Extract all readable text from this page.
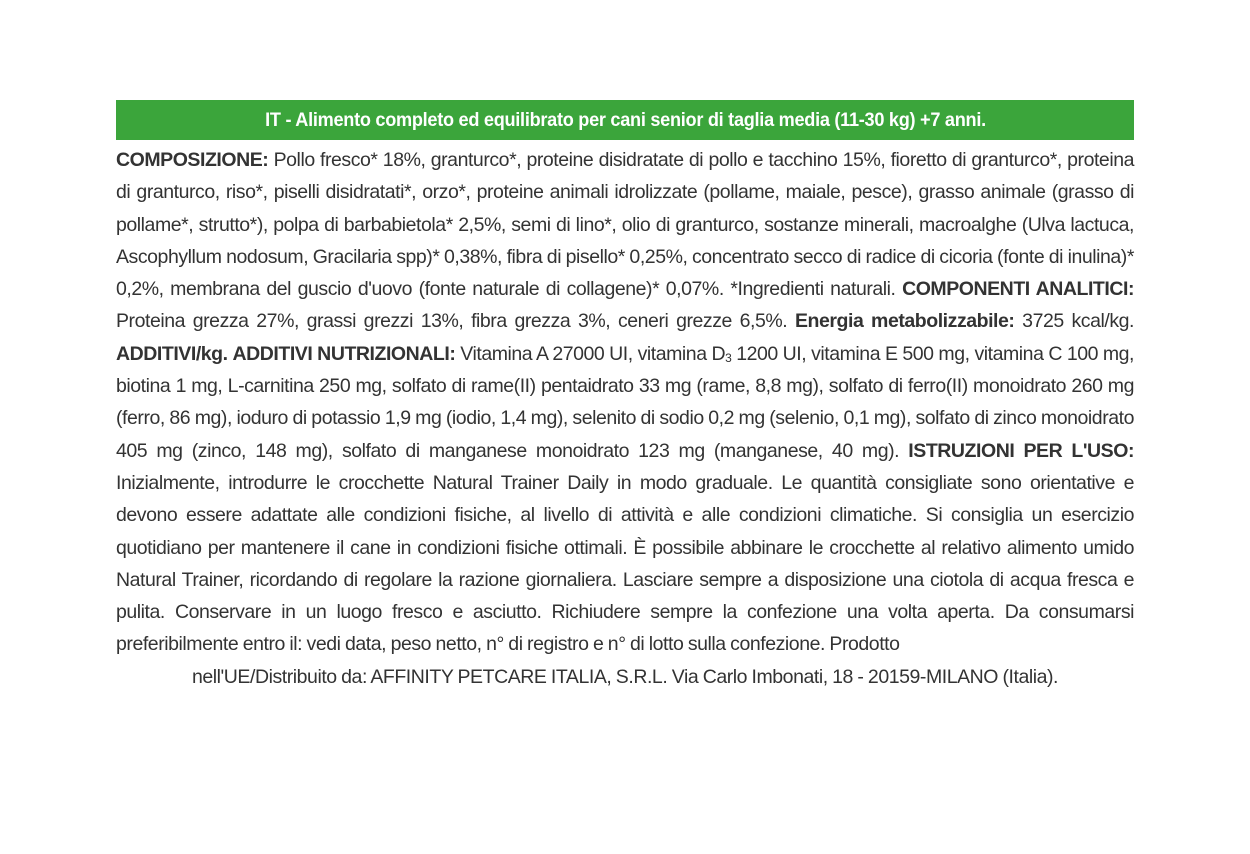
IT - Alimento completo ed equilibrato per cani senior di taglia media (11-30 kg) +7 anni.
COMPOSIZIONE: Pollo fresco* 18%, granturco*, proteine disidratate di pollo e tacchino 15%, fioretto di granturco*, proteina di granturco, riso*, piselli disidratati*, orzo*, proteine animali idrolizzate (pollame, maiale, pesce), grasso animale (grasso di pollame*, strutto*), polpa di barbabietola* 2,5%, semi di lino*, olio di granturco, sostanze minerali, macroalghe (Ulva lactuca, Ascophyllum nodosum, Gracilaria spp)* 0,38%, fibra di pisello* 0,25%, concentrato secco di radice di cicoria (fonte di inulina)* 0,2%, membrana del guscio d'uovo (fonte naturale di collagene)* 0,07%. *Ingredienti naturali. COMPONENTI ANALITICI: Proteina grezza 27%, grassi grezzi 13%, fibra grezza 3%, ceneri grezze 6,5%. Energia metabolizzabile: 3725 kcal/kg. ADDITIVI/kg. ADDITIVI NUTRIZIONALI: Vitamina A 27000 UI, vitamina $D_3$ 1200 UI, vitamina E 500 mg, vitamina C 100 mg, biotina 1 mg, L-carnitina 250 mg, solfato di rame(II) pentaidrato 33 mg (rame, 8,8 mg), solfato di ferro(II) monoidrato 260 mg (ferro, 86 mg), ioduro di potassio 1,9 mg (iodio, 1,4 mg), selenito di sodio 0,2 mg (selenio, 0,1 mg), solfato di zinco monoidrato 405 mg (zinco, 148 mg), solfato di manganese monoidrato 123 mg (manganese, 40 mg). ISTRUZIONI PER L'USO: Inizialmente, introdurre le crocchette Natural Trainer Daily in modo graduale. Le quantità consigliate sono orientative e devono essere adattate alle condizioni fisiche, al livello di attività e alle condizioni climatiche. Si consiglia un esercizio quotidiano per mantenere il cane in condizioni fisiche ottimali. È possibile abbinare le crocchette al relativo alimento umido Natural Trainer, ricordando di regolare la razione giornaliera. Lasciare sempre a disposizione una ciotola di acqua fresca e pulita. Conservare in un luogo fresco e asciutto. Richiudere sempre la confezione una volta aperta. Da consumarsi preferibilmente entro il: vedi data, peso netto, n° di registro e n° di lotto sulla confezione. Prodotto
nell'UE/Distribuito da: AFFINITY PETCARE ITALIA, S.R.L. Via Carlo Imbonati, 18 - 20159-MILANO (Italia).
